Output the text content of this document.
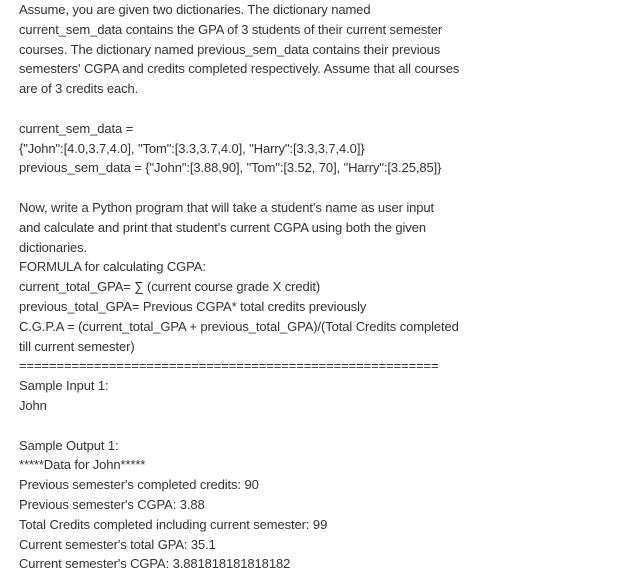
Assume, you are given two dictionaries. The dictionary named
current_sem_data contains the GPA of 3 students of their current semester
courses. The dictionary named previous_sem_data contains their previous
semesters' CGPA and credits completed respectively. Assume that all courses
are of 3 credits each.
current_sem_data =
{"John":[4.0,3.7,4.0], "Tom":[3.3,3.7,4.0], "Harry":[3.3,3.7,4.0]}
previous_sem_data = {"John":[3.88,90], "Tom":[3.52, 70], "Harry":[3.25,85]}
Now, write a Python program that will take a student's name as user input
and calculate and print that student's current CGPA using both the given
dictionaries.
FORMULA for calculating CGPA:
current_total_GPA= ∑ (current course grade X credit)
previous_total_GPA= Previous CGPA* total credits previously
C.G.P.A = (current_total_GPA + previous_total_GPA)/(Total Credits completed
till current semester)
========================================================
Sample Input 1:
John
Sample Output 1:
*****Data for John*****
Previous semester's completed credits: 90
Previous semester's CGPA: 3.88
Total Credits completed including current semester: 99
Current semester's total GPA: 35.1
Current semester's CGPA: 3.881818181818182
